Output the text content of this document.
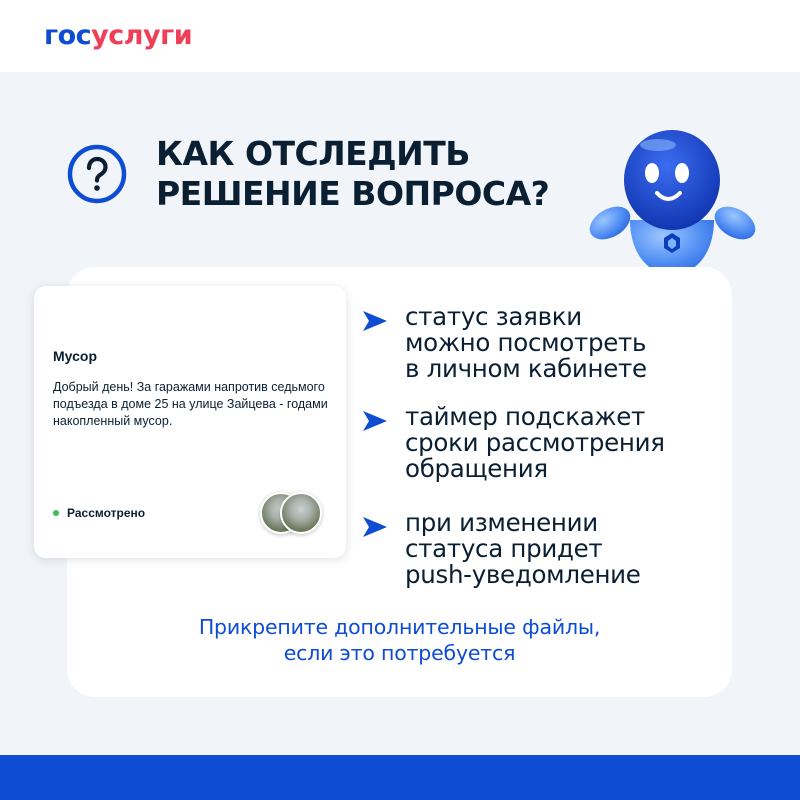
госуслуги
КАК ОТСЛЕДИТЬ
РЕШЕНИЕ ВОПРОСА?
Мусор
Добрый день! За гаражами напротив седьмого подъезда в доме 25 на улице Зайцева - годами накопленный мусор.
Рассмотрено
статус заявки
можно посмотреть
в личном кабинете
таймер подскажет
сроки рассмотрения
обращения
при изменении
статуса придет
push-уведомление
Прикрепите дополнительные файлы,
если это потребуется
